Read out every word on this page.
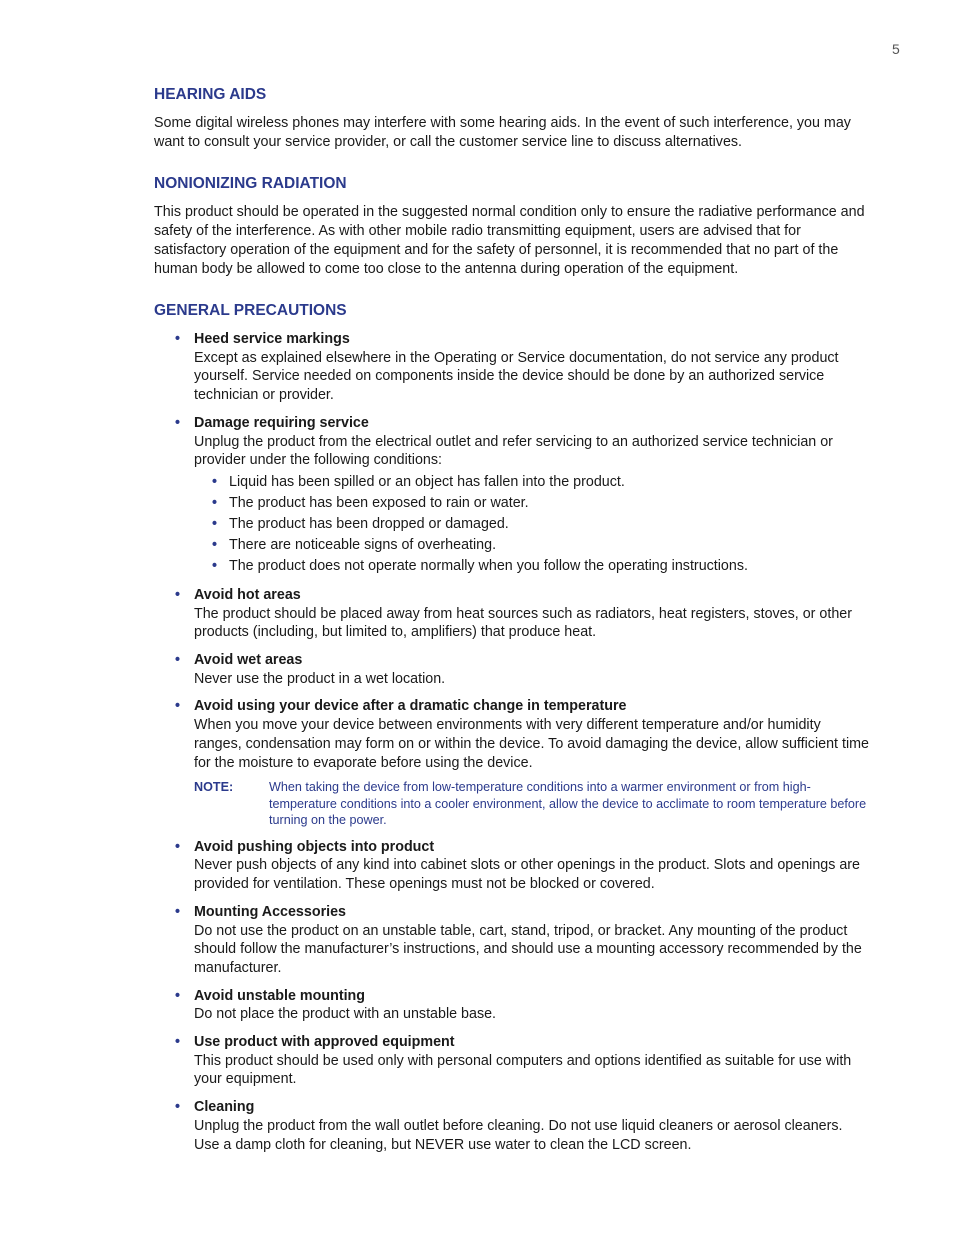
5
HEARING AIDS
Some digital wireless phones may interfere with some hearing aids. In the event of such interference, you may want to consult your service provider, or call the customer service line to discuss alternatives.
NONIONIZING RADIATION
This product should be operated in the suggested normal condition only to ensure the radiative performance and safety of the interference. As with other mobile radio transmitting equipment, users are advised that for satisfactory operation of the equipment and for the safety of personnel, it is recommended that no part of the human body be allowed to come too close to the antenna during operation of the equipment.
GENERAL PRECAUTIONS
• Heed service markings
Except as explained elsewhere in the Operating or Service documentation, do not service any product yourself. Service needed on components inside the device should be done by an authorized service technician or provider.
• Damage requiring service
Unplug the product from the electrical outlet and refer servicing to an authorized service technician or provider under the following conditions:
• Liquid has been spilled or an object has fallen into the product.
• The product has been exposed to rain or water.
• The product has been dropped or damaged.
• There are noticeable signs of overheating.
• The product does not operate normally when you follow the operating instructions.
• Avoid hot areas
The product should be placed away from heat sources such as radiators, heat registers, stoves, or other products (including, but limited to, amplifiers) that produce heat.
• Avoid wet areas
Never use the product in a wet location.
• Avoid using your device after a dramatic change in temperature
When you move your device between environments with very different temperature and/or humidity ranges, condensation may form on or within the device. To avoid damaging the device, allow sufficient time for the moisture to evaporate before using the device.
NOTE:	When taking the device from low-temperature conditions into a warmer environment or from high-temperature conditions into a cooler environment, allow the device to acclimate to room temperature before turning on the power.
• Avoid pushing objects into product
Never push objects of any kind into cabinet slots or other openings in the product. Slots and openings are provided for ventilation. These openings must not be blocked or covered.
• Mounting Accessories
Do not use the product on an unstable table, cart, stand, tripod, or bracket. Any mounting of the product should follow the manufacturer’s instructions, and should use a mounting accessory recommended by the manufacturer.
• Avoid unstable mounting
Do not place the product with an unstable base.
• Use product with approved equipment
This product should be used only with personal computers and options identified as suitable for use with your equipment.
• Cleaning
Unplug the product from the wall outlet before cleaning. Do not use liquid cleaners or aerosol cleaners. Use a damp cloth for cleaning, but NEVER use water to clean the LCD screen.
